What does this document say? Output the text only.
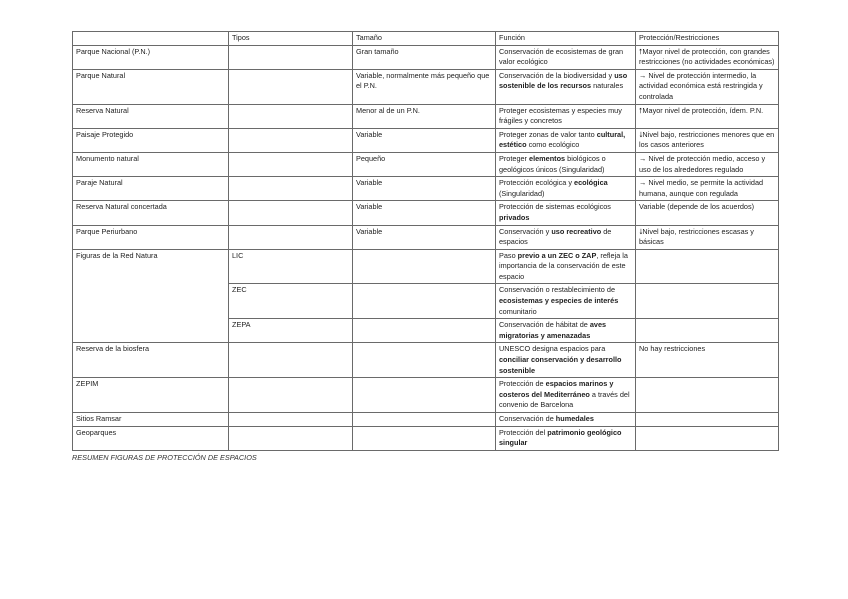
	Tipos	Tamaño	Función	Protección/Restricciones
Parque Nacional (P.N.)		Gran tamaño	Conservación de ecosistemas de gran valor ecológico	⭡Mayor nivel de protección, con grandes restricciones (no actividades económicas)
Parque Natural		Variable, normalmente más pequeño que el P.N.	Conservación de la biodiversidad y uso sostenible de los recursos naturales	→ Nivel de protección intermedio, la actividad económica está restringida y controlada
Reserva Natural		Menor al de un P.N.	Proteger ecosistemas y especies muy frágiles y concretos	⭡Mayor nivel de protección, ídem. P.N.
Paisaje Protegido		Variable	Proteger zonas de valor tanto cultural, estético como ecológico	⭣Nivel bajo, restricciones menores que en los casos anteriores
Monumento natural		Pequeño	Proteger elementos biológicos o geológicos únicos (Singularidad)	→ Nivel de protección medio, acceso y uso de los alrededores regulado
Paraje Natural		Variable	Protección ecológica y ecológica (Singularidad)	→ Nivel medio, se permite la actividad humana, aunque con regulada
Reserva Natural concertada		Variable	Protección de sistemas ecológicos privados	Variable (depende de los acuerdos)
Parque Periurbano		Variable	Conservación y uso recreativo de espacios	⭣Nivel bajo, restricciones escasas y básicas
Figuras de la Red Natura	LIC		Paso previo a un ZEC o ZAP, refleja la importancia de la conservación de este espacio	
	ZEC		Conservación o restablecimiento de ecosistemas y especies de interés comunitario	
	ZEPA		Conservación de hábitat de aves migratorias y amenazadas	
Reserva de la biosfera			UNESCO designa espacios para conciliar conservación y desarrollo sostenible	No hay restricciones
ZEPIM			Protección de espacios marinos y costeros del Mediterráneo a través del convenio de Barcelona	
Sitios Ramsar			Conservación de humedales	
Geoparques			Protección del patrimonio geológico singular	
RESUMEN FIGURAS DE PROTECCIÓN DE ESPACIOS
